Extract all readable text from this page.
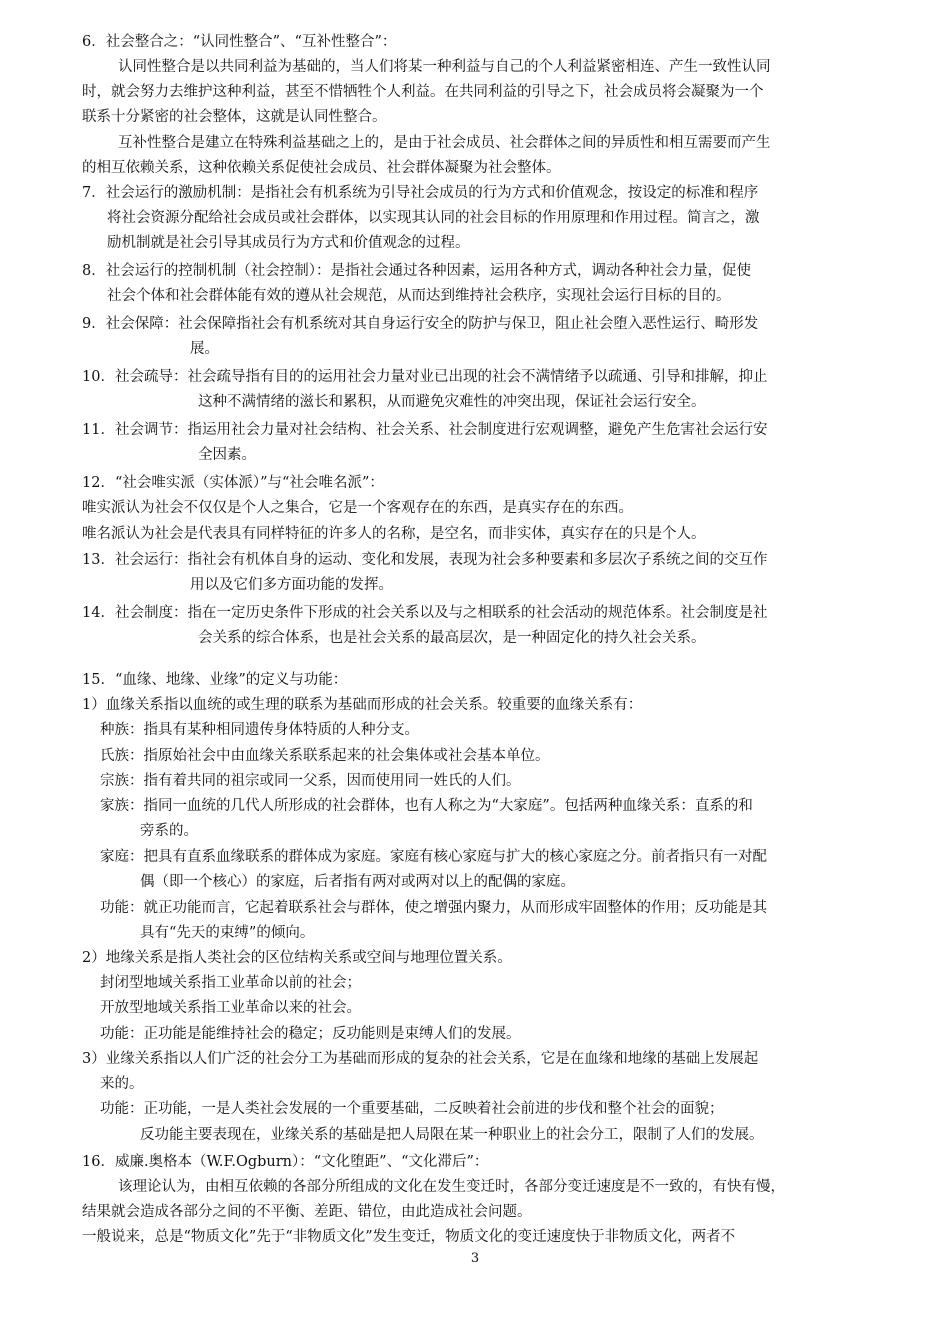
6．社会整合之：“认同性整合”、“互补性整合”：
认同性整合是以共同利益为基础的，当人们将某一种利益与自己的个人利益紧密相连、产生一致性认同
时，就会努力去维护这种利益，甚至不惜牺牲个人利益。在共同利益的引导之下，社会成员将会凝聚为一个
联系十分紧密的社会整体，这就是认同性整合。
互补性整合是建立在特殊利益基础之上的，是由于社会成员、社会群体之间的异质性和相互需要而产生
的相互依赖关系，这种依赖关系促使社会成员、社会群体凝聚为社会整体。
7．社会运行的激励机制：是指社会有机系统为引导社会成员的行为方式和价值观念，按设定的标准和程序
将社会资源分配给社会成员或社会群体，以实现其认同的社会目标的作用原理和作用过程。简言之，激
励机制就是社会引导其成员行为方式和价值观念的过程。
8．社会运行的控制机制（社会控制）：是指社会通过各种因素，运用各种方式，调动各种社会力量，促使
社会个体和社会群体能有效的遵从社会规范，从而达到维持社会秩序，实现社会运行目标的目的。
9．社会保障：社会保障指社会有机系统对其自身运行安全的防护与保卫，阻止社会堕入恶性运行、畸形发
展。
10．社会疏导：社会疏导指有目的的运用社会力量对业已出现的社会不满情绪予以疏通、引导和排解，抑止
这种不满情绪的滋长和累积，从而避免灾难性的冲突出现，保证社会运行安全。
11．社会调节：指运用社会力量对社会结构、社会关系、社会制度进行宏观调整，避免产生危害社会运行安
全因素。
12．“社会唯实派（实体派）”与“社会唯名派”：
唯实派认为社会不仅仅是个人之集合，它是一个客观存在的东西，是真实存在的东西。
唯名派认为社会是代表具有同样特征的许多人的名称，是空名，而非实体，真实存在的只是个人。
13．社会运行：指社会有机体自身的运动、变化和发展，表现为社会多种要素和多层次子系统之间的交互作
用以及它们多方面功能的发挥。
14．社会制度：指在一定历史条件下形成的社会关系以及与之相联系的社会活动的规范体系。社会制度是社
会关系的综合体系，也是社会关系的最高层次，是一种固定化的持久社会关系。
15．“血缘、地缘、业缘”的定义与功能：
1）血缘关系指以血统的或生理的联系为基础而形成的社会关系。较重要的血缘关系有：
种族：指具有某种相同遗传身体特质的人种分支。
氏族：指原始社会中由血缘关系联系起来的社会集体或社会基本单位。
宗族：指有着共同的祖宗或同一父系，因而使用同一姓氏的人们。
家族：指同一血统的几代人所形成的社会群体，也有人称之为“大家庭”。包括两种血缘关系：直系的和
旁系的。
家庭：把具有直系血缘联系的群体成为家庭。家庭有核心家庭与扩大的核心家庭之分。前者指只有一对配
偶（即一个核心）的家庭，后者指有两对或两对以上的配偶的家庭。
功能：就正功能而言，它起着联系社会与群体，使之增强内聚力，从而形成牢固整体的作用；反功能是其
具有“先天的束缚”的倾向。
2）地缘关系是指人类社会的区位结构关系或空间与地理位置关系。
封闭型地域关系指工业革命以前的社会；
开放型地域关系指工业革命以来的社会。
功能：正功能是能维持社会的稳定；反功能则是束缚人们的发展。
3）业缘关系指以人们广泛的社会分工为基础而形成的复杂的社会关系，它是在血缘和地缘的基础上发展起
来的。
功能：正功能，一是人类社会发展的一个重要基础，二反映着社会前进的步伐和整个社会的面貌；
反功能主要表现在，业缘关系的基础是把人局限在某一种职业上的社会分工，限制了人们的发展。
16．威廉.奥格本（W.F.Ogburn）：“文化堕距”、“文化滞后”：
该理论认为，由相互依赖的各部分所组成的文化在发生变迁时，各部分变迁速度是不一致的，有快有慢，
结果就会造成各部分之间的不平衡、差距、错位，由此造成社会问题。
一般说来，总是“物质文化”先于“非物质文化”发生变迁，物质文化的变迁速度快于非物质文化，两者不
3
